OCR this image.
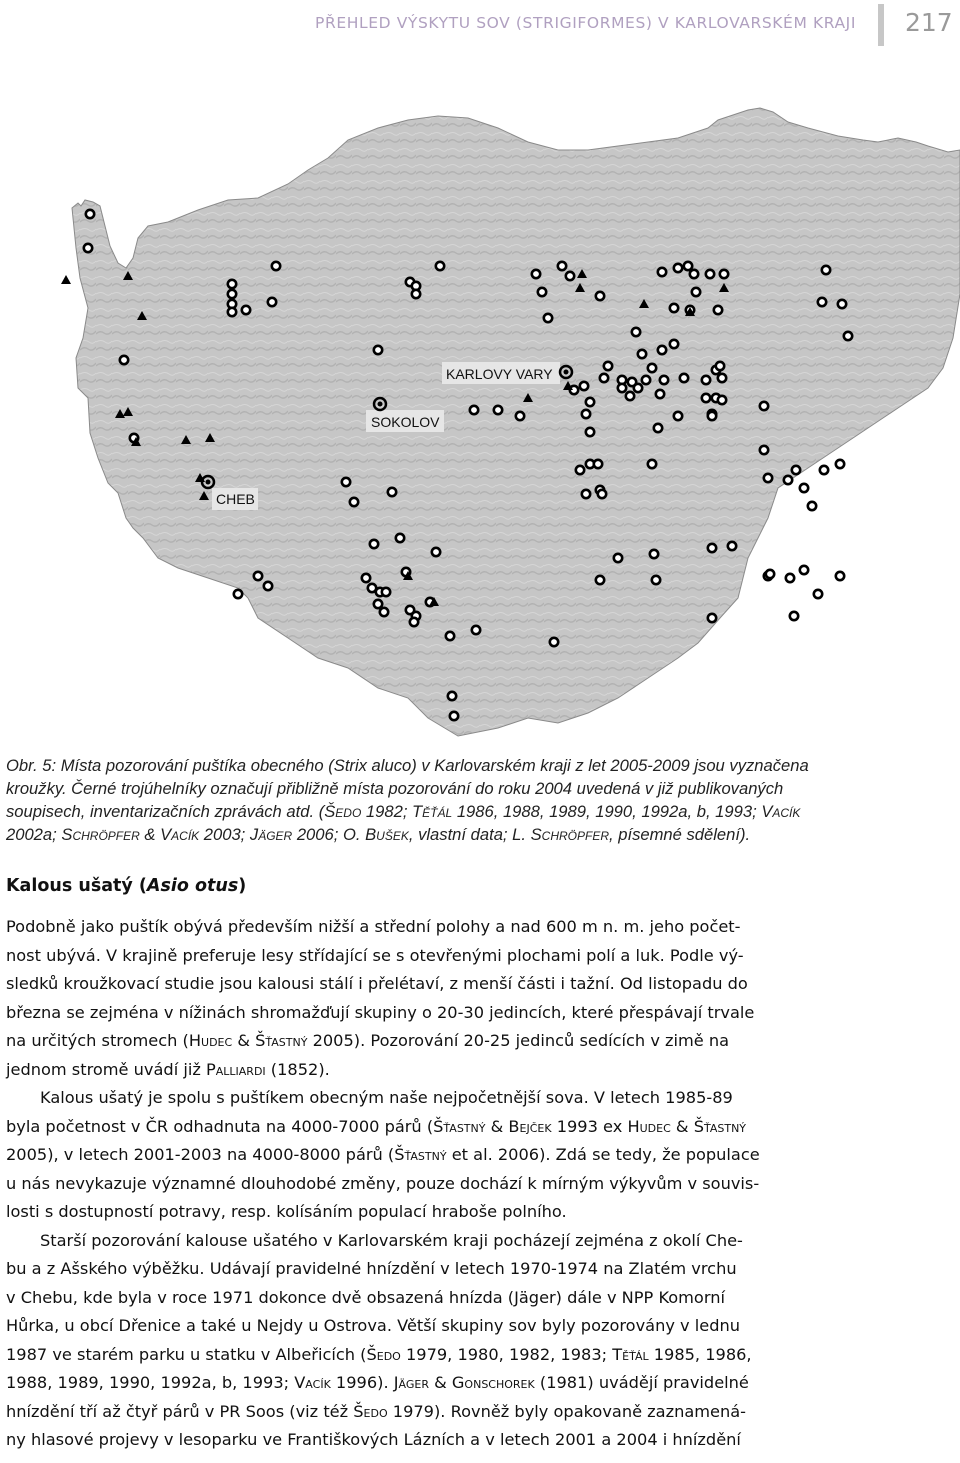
PŘEHLED VÝSKYTU SOV (STRIGIFORMES) V KARLOVARSKÉM KRAJI 217
KARLOVY VARY
SOKOLOV
CHEB
Obr. 5: Místa pozorování puštíka obecného (Strix aluco) v Karlovarském kraji z let 2005-2009 jsou vyznačena
kroužky. Černé trojúhelníky označují přibližně místa pozorování do roku 2004 uvedená v již publikovaných
soupisech, inventarizačních zprávách atd. (Šedo 1982; Těťál 1986, 1988, 1989, 1990, 1992a, b, 1993; Vacík
2002a; Schröpfer & Vacík 2003; Jäger 2006; O. Bušek, vlastní data; L. Schröpfer, písemné sdělení).
Kalous ušatý (Asio otus)

Podobně jako puštík obývá především nižší a střední polohy a nad 600 m n. m. jeho počet-
nost ubývá. V krajině preferuje lesy střídající se s otevřenými plochami polí a luk. Podle vý-
sledků kroužkovací studie jsou kalousi stálí i přelétaví, z menší části i tažní. Od listopadu do
března se zejména v nížinách shromažďují skupiny o 20-30 jedincích, které přespávají trvale
na určitých stromech (Hudec & Šťastný 2005). Pozorování 20-25 jedinců sedících v zimě na
jednom stromě uvádí již Palliardi (1852).

Kalous ušatý je spolu s puštíkem obecným naše nejpočetnější sova. V letech 1985-89
byla početnost v ČR odhadnuta na 4000-7000 párů (Šťastný & Bejček 1993 ex Hudec & Šťastný
2005), v letech 2001-2003 na 4000-8000 párů (Šťastný et al. 2006). Zdá se tedy, že populace
u nás nevykazuje významné dlouhodobé změny, pouze dochází k mírným výkyvům v souvis-
losti s dostupností potravy, resp. kolísáním populací hraboše polního.

Starší pozorování kalouse ušatého v Karlovarském kraji pocházejí zejména z okolí Che-
bu a z Ašského výběžku. Udávají pravidelné hnízdění v letech 1970-1974 na Zlatém vrchu
v Chebu, kde byla v roce 1971 dokonce dvě obsazená hnízda (Jäger) dále v NPP Komorní
Hůrka, u obcí Dřenice a také u Nejdy u Ostrova. Větší skupiny sov byly pozorovány v lednu
1987 ve starém parku u statku v Albeřicích (Šedo 1979, 1980, 1982, 1983; Těťál 1985, 1986,
1988, 1989, 1990, 1992a, b, 1993; Vacík 1996). Jäger & Gonschorek (1981) uvádějí pravidelné
hnízdění tří až čtyř párů v PR Soos (viz též Šedo 1979). Rovněž byly opakovaně zaznamená-
ny hlasové projevy v lesoparku ve Františkových Lázních a v letech 2001 a 2004 i hnízdění
